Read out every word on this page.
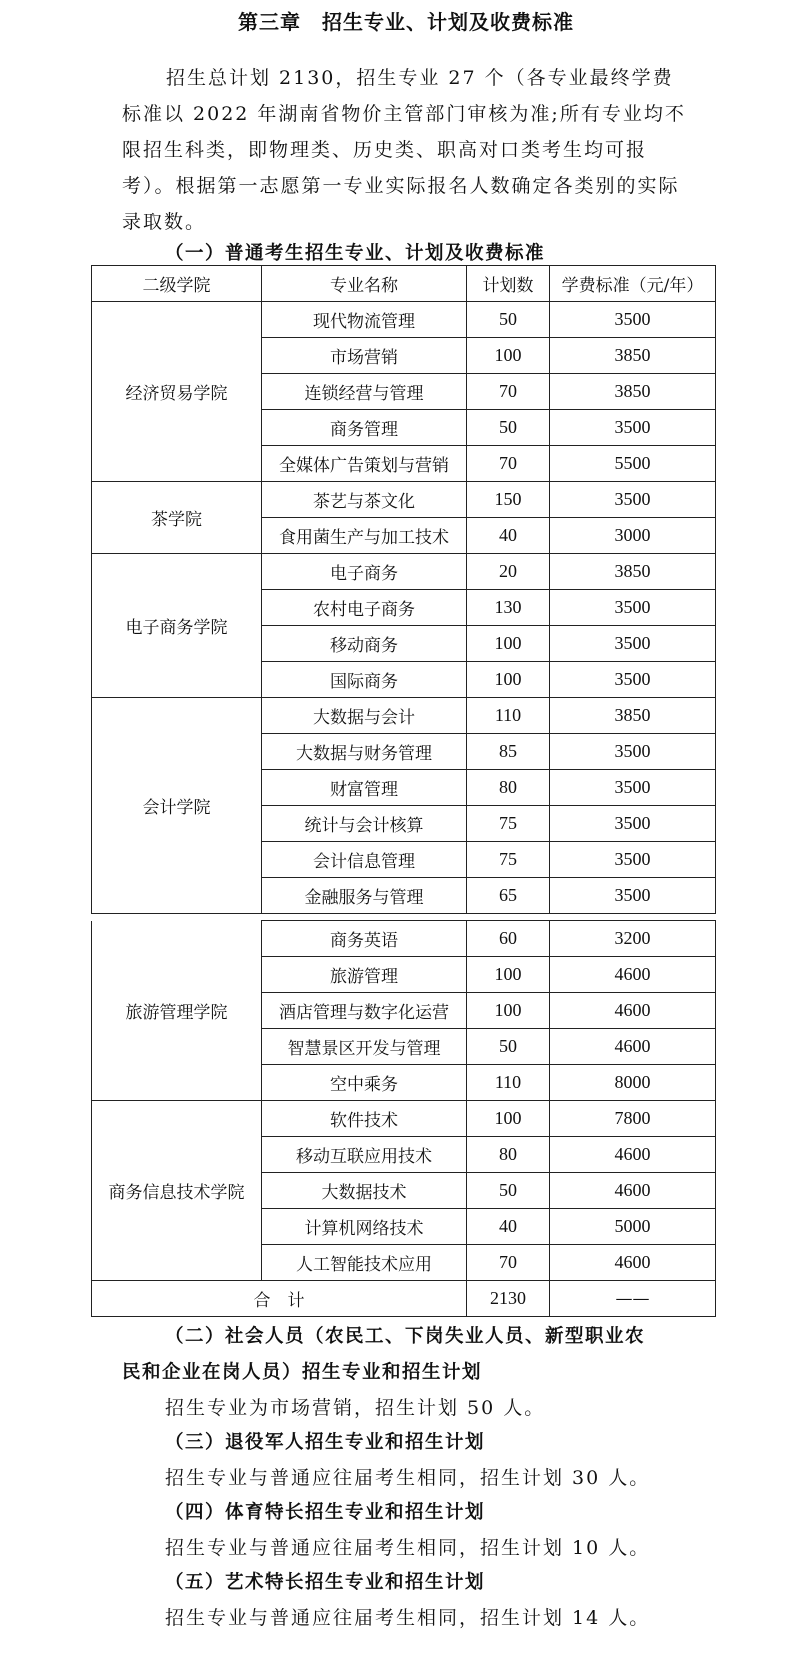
第三章　招生专业、计划及收费标准

招生总计划 2130，招生专业 27 个（各专业最终学费标准以 2022 年湖南省物价主管部门审核为准;所有专业均不限招生科类，即物理类、历史类、职高对口类考生均可报考）。根据第一志愿第一专业实际报名人数确定各类别的实际录取数。

（一）普通考生招生专业、计划及收费标准

二级学院	专业名称	计划数	学费标准（元/年）
经济贸易学院	现代物流管理	50	3500
	市场营销	100	3850
	连锁经营与管理	70	3850
	商务管理	50	3500
	全媒体广告策划与营销	70	5500
茶学院	茶艺与茶文化	150	3500
	食用菌生产与加工技术	40	3000
电子商务学院	电子商务	20	3850
	农村电子商务	130	3500
	移动商务	100	3500
	国际商务	100	3500
会计学院	大数据与会计	110	3850
	大数据与财务管理	85	3500
	财富管理	80	3500
	统计与会计核算	75	3500
	会计信息管理	75	3500
	金融服务与管理	65	3500
旅游管理学院	商务英语	60	3200
	旅游管理	100	4600
	酒店管理与数字化运营	100	4600
	智慧景区开发与管理	50	4600
	空中乘务	110	8000
商务信息技术学院	软件技术	100	7800
	移动互联应用技术	80	4600
	大数据技术	50	4600
	计算机网络技术	40	5000
	人工智能技术应用	70	4600
合　计		2130	——

（二）社会人员（农民工、下岗失业人员、新型职业农

民和企业在岗人员）招生专业和招生计划

招生专业为市场营销，招生计划 50 人。

（三）退役军人招生专业和招生计划

招生专业与普通应往届考生相同，招生计划 30 人。

（四）体育特长招生专业和招生计划

招生专业与普通应往届考生相同，招生计划 10 人。

（五）艺术特长招生专业和招生计划

招生专业与普通应往届考生相同，招生计划 14 人。
